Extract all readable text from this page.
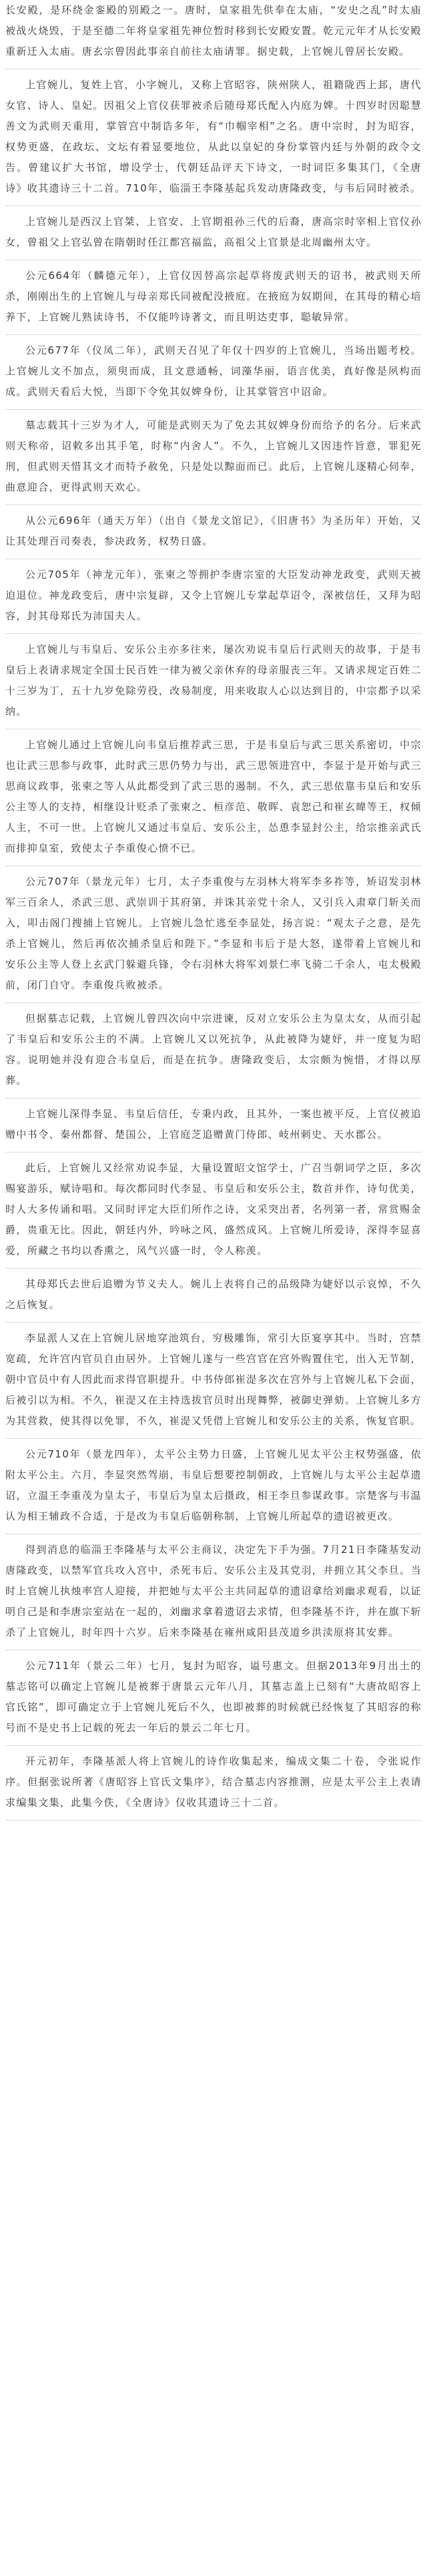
长安殿，是环绕金銮殿的别殿之一。唐时，皇家祖先供奉在太庙，“安史之乱”时太庙被战火烧毁，于是至德二年将皇家祖先神位暂时移到长安殿安置。乾元元年才从长安殿重新迁入太庙。唐玄宗曾因此事亲自前往太庙请罪。据史载，上官婉儿曾居长安殿。

上官婉儿，复姓上官，小字婉儿，又称上官昭容，陕州陕人，祖籍陇西上邽，唐代女官、诗人、皇妃。因祖父上官仪获罪被杀后随母郑氏配入内庭为婢。十四岁时因聪慧善文为武则天重用，掌管宫中制诰多年，有“巾帼宰相”之名。唐中宗时，封为昭容，权势更盛，在政坛、文坛有着显要地位，从此以皇妃的身份掌管内廷与外朝的政令文告。曾建议扩大书馆，增设学士，代朝廷品评天下诗文，一时词臣多集其门，《全唐诗》收其遗诗三十二首。710年，临淄王李隆基起兵发动唐隆政变，与韦后同时被杀。

上官婉儿是西汉上官桀、上官安、上官期祖孙三代的后裔，唐高宗时宰相上官仪孙女，曾祖父上官弘曾在隋朝时任江都宫福监，高祖父上官景是北周幽州太守。

公元664年（麟德元年），上官仪因替高宗起草将废武则天的诏书，被武则天所杀，刚刚出生的上官婉儿与母亲郑氏同被配没掖庭。在掖庭为奴期间，在其母的精心培养下，上官婉儿熟读诗书，不仅能吟诗著文，而且明达吏事，聪敏异常。

公元677年（仪凤二年），武则天召见了年仅十四岁的上官婉儿，当场出题考校。上官婉儿文不加点，须臾而成，且文意通畅，词藻华丽，语言优美，真好像是夙构而成。武则天看后大悦，当即下令免其奴婢身份，让其掌管宫中诏命。

墓志载其十三岁为才人，可能是武则天为了免去其奴婢身份而给予的名分。后来武则天称帝，诏敕多出其手笔，时称“内舍人”。不久，上官婉儿又因违忤旨意，罪犯死刑，但武则天惜其文才而特予赦免，只是处以黥面而已。此后，上官婉儿逐精心伺奉，曲意迎合，更得武则天欢心。

从公元696年（通天万年）（出自《景龙文馆记》，《旧唐书》为圣历年）开始，又让其处理百司奏表，参决政务，权势日盛。

公元705年（神龙元年），张柬之等拥护李唐宗室的大臣发动神龙政变，武则天被迫退位。神龙政变后，唐中宗复辟，又令上官婉儿专掌起草诏令，深被信任，又拜为昭容，封其母郑氏为沛国夫人。

上官婉儿与韦皇后、安乐公主亦多往来，屡次劝说韦皇后行武则天的故事，于是韦皇后上表请求规定全国士民百姓一律为被父亲休弃的母亲服丧三年。又请求规定百姓二十三岁为丁，五十九岁免除劳役，改易制度，用来收取人心以达到目的，中宗都予以采纳。

上官婉儿通过上官婉儿向韦皇后推荐武三思，于是韦皇后与武三思关系密切，中宗也让武三思参与政事，此时武三思仍势力与出，武三思领进宫中，李显于是开始与武三思商议政事，张柬之等人从此都受到了武三思的遏制。不久，武三思依靠韦皇后和安乐公主等人的支持，相继设计贬杀了张柬之、桓彦范、敬晖、袁恕己和崔玄暐等王，权倾人主，不可一世。上官婉儿又通过韦皇后、安乐公主，怂恿李显封公主，给宗推亲武氏而排抑皇室，致使太子李重俊心愤不已。

公元707年（景龙元年）七月，太子李重俊与左羽林大将军李多祚等，矫诏发羽林军三百余人，杀武三思、武崇训于其府第，并诛其亲党十余人，又引兵入肃章门斩关而入，叩击阁门搜捕上官婉儿。上官婉儿急忙逃至李显处，扬言说：“观太子之意，是先杀上官婉儿，然后再依次捕杀皇后和陛下。”李显和韦后于是大怒，遂带着上官婉儿和安乐公主等人登上玄武门躲避兵锋，令右羽林大将军刘景仁率飞骑二千余人，屯太极殿前，闭门自守。李重俊兵败被杀。

但据墓志记载，上官婉儿曾四次向中宗进谏，反对立安乐公主为皇太女，从而引起了韦皇后和安乐公主的不满。上官婉儿又以死抗争，从此被降为婕妤，并一度复为昭容。说明她并没有迎合韦皇后，而是在抗争。唐隆政变后，太宗颇为惋惜，才得以厚葬。

上官婉儿深得李显、韦皇后信任，专秉内政，且其外，一案也被平反，上官仪被追赠中书令、秦州都督、楚国公，上官庭芝追赠黄门侍郎、岐州刺史、天水郡公。

此后，上官婉儿又经常劝说李显，大量设置昭文馆学士，广召当朝词学之臣，多次赐宴游乐，赋诗唱和。每次都同时代李显、韦皇后和安乐公主，数首并作，诗句优美，时人大多传诵和唱。又同时评定大臣们所作之诗，文采突出者，名列第一者，常赏赐金爵，贵重无比。因此，朝廷内外，吟咏之风，盛然成风。上官婉儿所爱诗，深得李显喜爱，所藏之书均以香熏之，风气兴盛一时，令人称羡。

其母郑氏去世后追赠为节义夫人。婉儿上表将自己的品级降为婕妤以示哀悼，不久之后恢复。

李显派人又在上官婉儿居地穿池筑台，穷极雕饰，常引大臣宴享其中。当时，宫禁宽疏，允许宫内官员自由居外。上官婉儿遂与一些宫官在宫外购置住宅，出入无节制，朝中官员中有人因此而求得官职提升。中书侍郎崔湜多次在宫外与上官婉儿私下会面，后被引以为相。不久，崔湜又在主持选拔官员时出现舞弊，被御史弹劾。上官婉儿多方为其营救，使其得以免罪，不久，崔湜又凭借上官婉儿和安乐公主的关系，恢复官职。

公元710年（景龙四年），太平公主势力日盛，上官婉儿见太平公主权势强盛，依附太平公主。六月，李显突然驾崩，韦皇后想要控制朝政，上官婉儿与太平公主起草遗诏，立温王李重茂为皇太子，韦皇后为皇太后摄政，相王李旦参谋政事。宗楚客与韦温认为相王辅政不合适，于是改为韦皇后临朝称制，上官婉儿所起草的遗诏被更改。

得到消息的临淄王李隆基与太平公主商议，决定先下手为强。7月21日李隆基发动唐隆政变，以禁军官兵攻入宫中，杀死韦后、安乐公主及其党羽，并拥立其父李旦。当时上官婉儿执烛率宫人迎接，并把她与太平公主共同起草的遗诏拿给刘幽求观看，以证明自己是和李唐宗室站在一起的，刘幽求拿着遗诏去求情，但李隆基不许，并在旗下斩杀了上官婉儿，时年四十六岁。后来李隆基在雍州咸阳县茂道乡洪渎原将其安葬。

公元711年（景云二年）七月，复封为昭容，谥号惠文。但据2013年9月出土的墓志铭可以确定上官婉儿是被葬于唐景云元年八月，其墓志盖上已刻有“大唐故昭容上官氏铭”，即可确定立于上官婉儿死后不久，也即被葬的时候就已经恢复了其昭容的称号而不是史书上记载的死去一年后的景云二年七月。

开元初年，李隆基派人将上官婉儿的诗作收集起来，编成文集二十卷，令张说作序。但据张说所著《唐昭容上官氏文集序》，结合墓志内容推测，应是太平公主上表请求编集文集，此集今佚，《全唐诗》仅收其遗诗三十二首。
